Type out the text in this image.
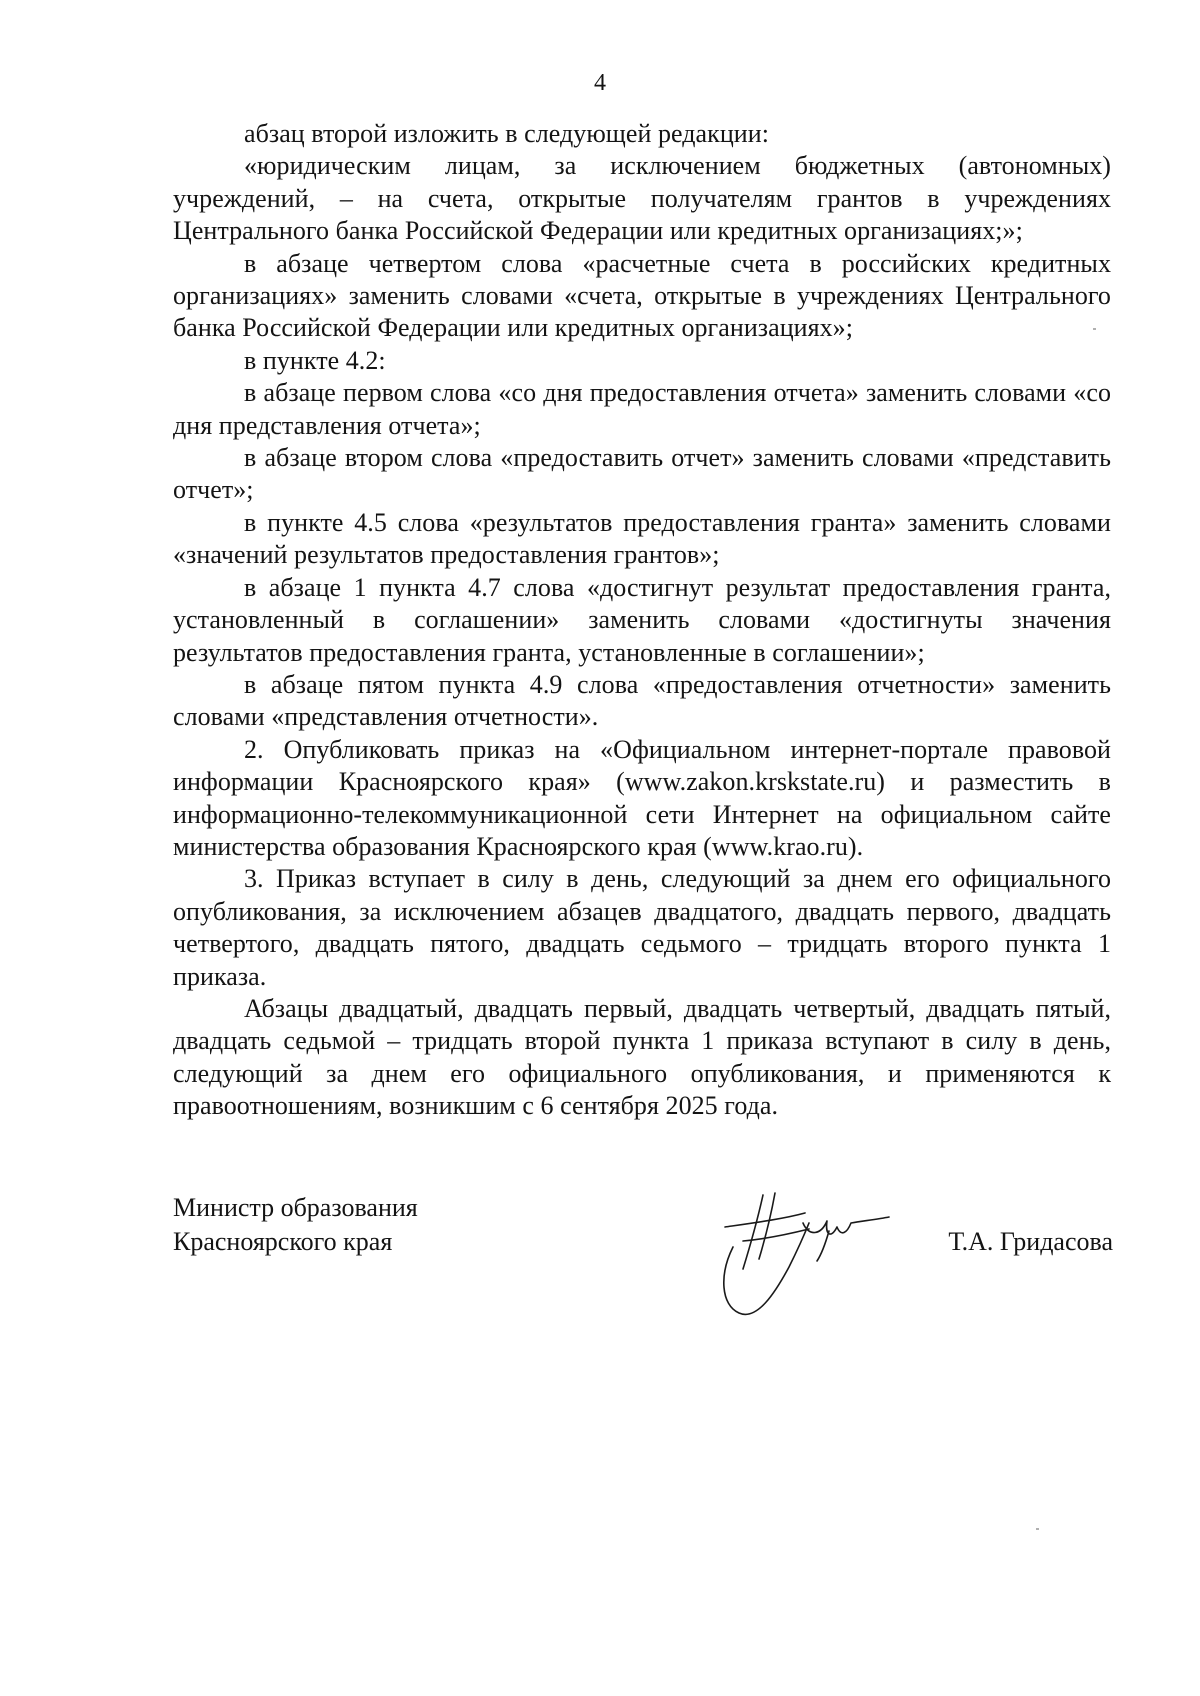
4

абзац второй изложить в следующей редакции:

«юридическим лицам, за исключением бюджетных (автономных) учреждений, – на счета, открытые получателям грантов в учреждениях Центрального банка Российской Федерации или кредитных организациях;»;

в абзаце четвертом слова «расчетные счета в российских кредитных организациях» заменить словами «счета, открытые в учреждениях Центрального банка Российской Федерации или кредитных организациях»;

в пункте 4.2:

в абзаце первом слова «со дня предоставления отчета» заменить словами «со дня представления отчета»;

в абзаце втором слова «предоставить отчет» заменить словами «представить отчет»;

в пункте 4.5 слова «результатов предоставления гранта» заменить словами «значений результатов предоставления грантов»;

в абзаце 1 пункта 4.7 слова «достигнут результат предоставления гранта, установленный в соглашении» заменить словами «достигнуты значения результатов предоставления гранта, установленные в соглашении»;

в абзаце пятом пункта 4.9 слова «предоставления отчетности» заменить словами «представления отчетности».

2. Опубликовать приказ на «Официальном интернет-портале правовой информации Красноярского края» (www.zakon.krskstate.ru) и разместить в информационно-телекоммуникационной сети Интернет на официальном сайте министерства образования Красноярского края (www.krao.ru).

3. Приказ вступает в силу в день, следующий за днем его официального опубликования, за исключением абзацев двадцатого, двадцать первого, двадцать четвертого, двадцать пятого, двадцать седьмого – тридцать второго пункта 1 приказа.

Абзацы двадцатый, двадцать первый, двадцать четвертый, двадцать пятый, двадцать седьмой – тридцать второй пункта 1 приказа вступают в силу в день, следующий за днем его официального опубликования, и применяются к правоотношениям, возникшим с 6 сентября 2025 года.

Министр образования
Красноярского края	Т.А. Гридасова
